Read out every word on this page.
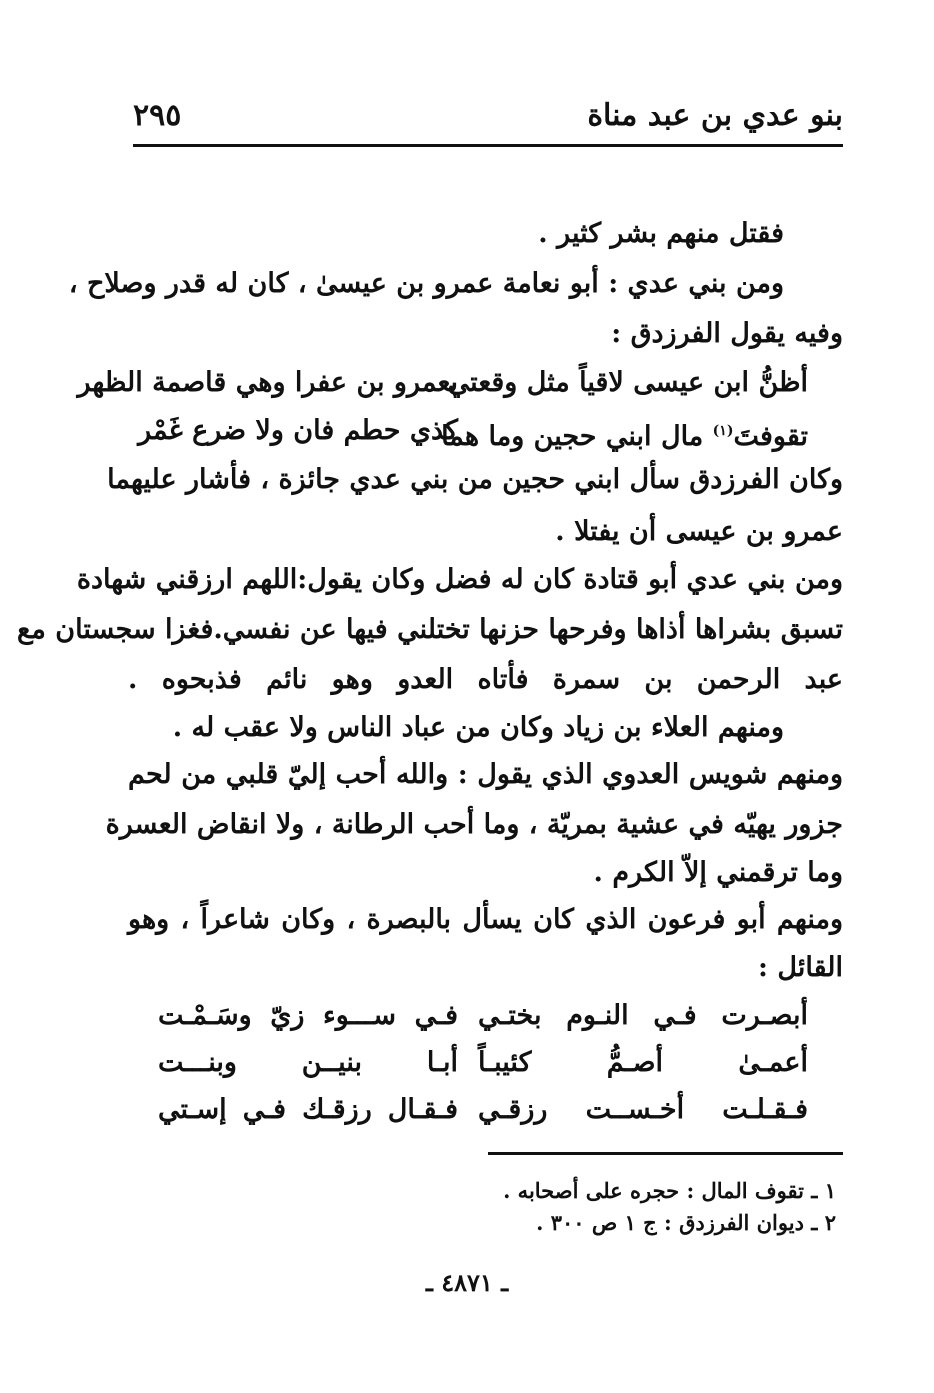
بنو عدي بن عبد مناة
٢٩٥
فقتل منهم بشر كثير .
ومن بني عدي : أبو نعامة عمرو بن عيسىٰ ، كان له قدر وصلاح ،
وفيه يقول الفرزدق :
أظنُّ ابن عيسى لاقياً مثل وقعتي
بعمرو بن عفرا وهي قاصمة الظهر
تقوفتَ$^{(١)}$ مال ابني حجين وما هما
كذي حطم فان ولا ضرع غَمْر
وكان الفرزدق سأل ابني حجين من بني عدي جائزة ، فأشار عليهما
عمرو بن عيسى أن يفتلا .
ومن بني عدي أبو قتادة كان له فضل وكان يقول:اللهم ارزقني شهادة
تسبق بشراها أذاها وفرحها حزنها تختلني فيها عن نفسي.فغزا سجستان مع
عبد الرحمن بن سمرة فأتاه العدو وهو نائم فذبحوه .
ومنهم العلاء بن زياد وكان من عباد الناس ولا عقب له .
ومنهم شويس العدوي الذي يقول : والله أحب إليّ قلبي من لحم
جزور يهيّه في عشية بمريّة ، وما أحب الرطانة ، ولا انقاض العسرة
وما ترقمني إلاّ الكرم .
ومنهم أبو فرعون الذي كان يسأل بالبصرة ، وكان شاعراً ، وهو
القائل :
أبصـرت فـي النـوم بختـي
فـي ســـوء زيّ وسَـمْـت
أعمـىٰ أصـمُّ كئيبـاً
أبـا بنيــن وبنـــت
فـقـلـت أخـســت رزقـي
فـقـال رزقـك فـي إسـتي
١ ـ تقوف المال : حجره على أصحابه .
٢ ـ ديوان الفرزدق : ج ١ ص ٣٠٠ .
ـ ٤٨٧١ ـ
